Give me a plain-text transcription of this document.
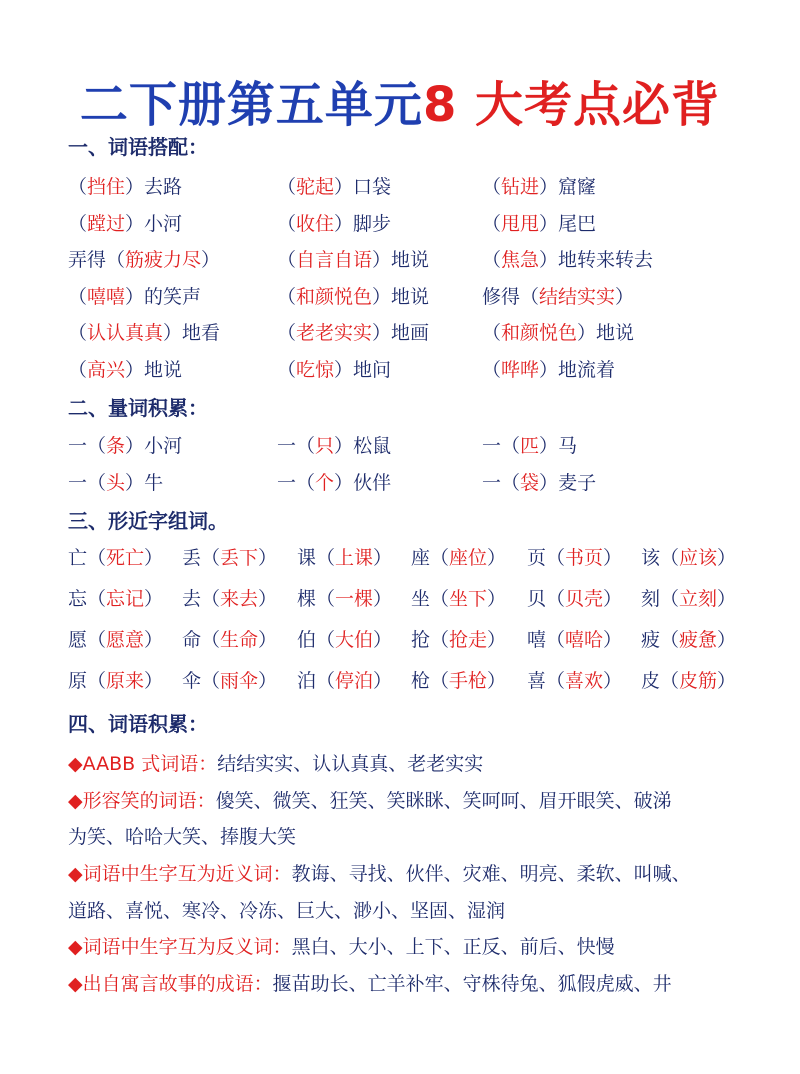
二下册第五单元8 大考点必背
一、词语搭配：
（挡住）去路	（驼起）口袋	（钻进）窟窿
（蹚过）小河	（收住）脚步	（甩甩）尾巴
弄得（筋疲力尽）	（自言自语）地说	（焦急）地转来转去
（嘻嘻）的笑声	（和颜悦色）地说	修得（结结实实）
（认认真真）地看	（老老实实）地画	（和颜悦色）地说
（高兴）地说	（吃惊）地问	（哗哗）地流着
二、量词积累：
一（条）小河	一（只）松鼠	一（匹）马
一（头）牛	一（个）伙伴	一（袋）麦子
三、形近字组词。
亡（死亡） 丢（丢下） 课（上课） 座（座位） 页（书页） 该（应该）
忘（忘记） 去（来去） 棵（一棵） 坐（坐下） 贝（贝壳） 刻（立刻）
愿（愿意） 命（生命） 伯（大伯） 抢（抢走） 嘻（嘻哈） 疲（疲惫）
原（原来） 伞（雨伞） 泊（停泊） 枪（手枪） 喜（喜欢） 皮（皮筋）
四、词语积累：
◆AABB 式词语：结结实实、认认真真、老老实实
◆形容笑的词语：傻笑、微笑、狂笑、笑眯眯、笑呵呵、眉开眼笑、破涕
为笑、哈哈大笑、捧腹大笑
◆词语中生字互为近义词：教诲、寻找、伙伴、灾难、明亮、柔软、叫喊、
道路、喜悦、寒冷、冷冻、巨大、渺小、坚固、湿润
◆词语中生字互为反义词：黑白、大小、上下、正反、前后、快慢
◆出自寓言故事的成语：揠苗助长、亡羊补牢、守株待兔、狐假虎威、井
